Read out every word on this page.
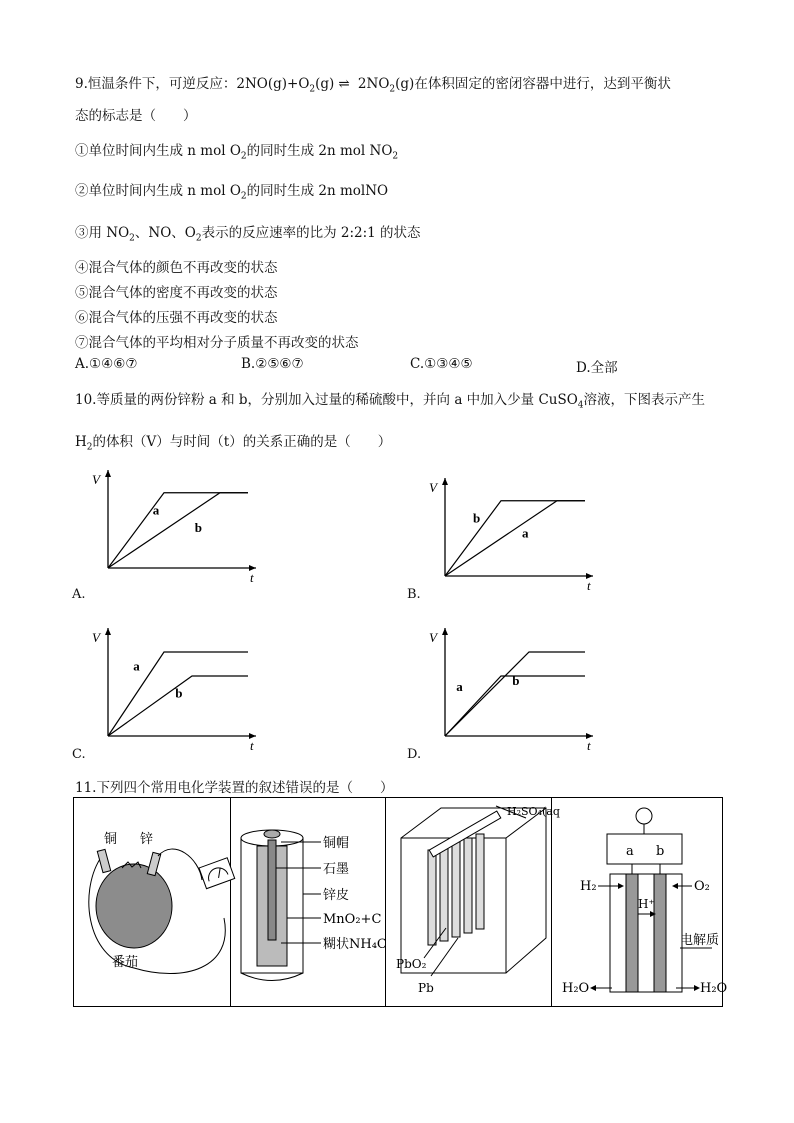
9.恒温条件下，可逆反应：$2NO(g)+O_2(g)$ ⇌ $2NO_2(g)$在体积固定的密闭容器中进行，达到平衡状
态的标志是（　　）
①单位时间内生成 n mol $O_2$的同时生成 2n mol $NO_2$
②单位时间内生成 n mol $O_2$的同时生成 2n molNO
③用 $NO_2$、NO、$O_2$表示的反应速率的比为 2:2:1 的状态
④混合气体的颜色不再改变的状态
⑤混合气体的密度不再改变的状态
⑥混合气体的压强不再改变的状态
⑦混合气体的平均相对分子质量不再改变的状态
A.①④⑥⑦	B.②⑤⑥⑦	C.①③④⑤	D.全部
10.等质量的两份锌粉 a 和 b，分别加入过量的稀硫酸中，并向 a 中加入少量 CuSO$_4$溶液，下图表示产生
$H_2$的体积（V）与时间（t）的关系正确的是（　　）
V
t
a
b
V
t
b
a
V
t
a
b
V
t
a	b
A.	B.
C.	D.
11.下列四个常用电化学装置的叙述错误的是（　　）
铜 锌
番茄
铜帽
石墨
锌皮
MnO₂+C
糊状NH₄C
H₂SO₄(aq
PbO₂
Pb
a b
H₂	O₂
H⁺
电解质
H₂O	H₂O
